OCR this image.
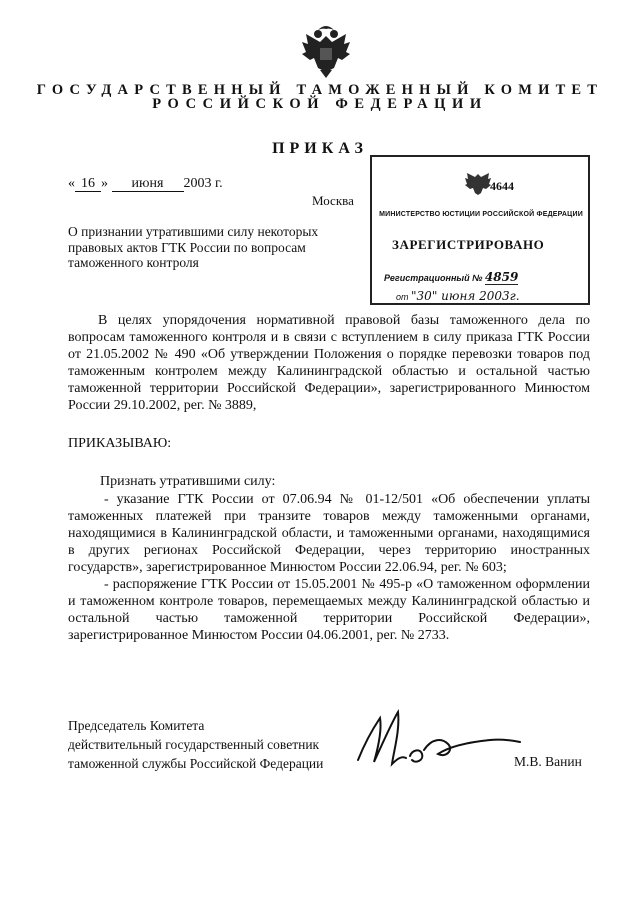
ГОСУДАРСТВЕННЫЙ ТАМОЖЕННЫЙ КОМИТЕТ
РОССИЙСКОЙ ФЕДЕРАЦИИ
ПРИКАЗ
« 16 » июня 2003 г.
Москва
О признании утратившими силу некоторых правовых актов ГТК России по вопросам таможенного контроля
4644
МИНИСТЕРСТВО ЮСТИЦИИ РОССИЙСКОЙ ФЕДЕРАЦИИ
ЗАРЕГИСТРИРОВАНО
Регистрационный № 4859
от "30" июня 2003г.
В целях упорядочения нормативной правовой базы таможенного дела по вопросам таможенного контроля и в связи с вступлением в силу приказа ГТК России от 21.05.2002 № 490 «Об утверждении Положения о порядке перевозки товаров под таможенным контролем между Калининградской областью и остальной частью таможенной территории Российской Федерации», зарегистрированного Минюстом России 29.10.2002, рег. № 3889,
ПРИКАЗЫВАЮ:
Признать утратившими силу:

- указание ГТК России от 07.06.94 № 01-12/501 «Об обеспечении уплаты таможенных платежей при транзите товаров между таможенными органами, находящимися в Калининградской области, и таможенными органами, находящимися в других регионах Российской Федерации, через территорию иностранных государств», зарегистрированное Минюстом России 22.06.94, рег. № 603;

- распоряжение ГТК России от 15.05.2001 № 495-р «О таможенном оформлении и таможенном контроле товаров, перемещаемых между Калининградской областью и остальной частью таможенной территории Российской Федерации», зарегистрированное Минюстом России 04.06.2001, рег. № 2733.

Председатель Комитета
действительный государственный советник
таможенной службы Российской Федерации	М.В. Ванин
